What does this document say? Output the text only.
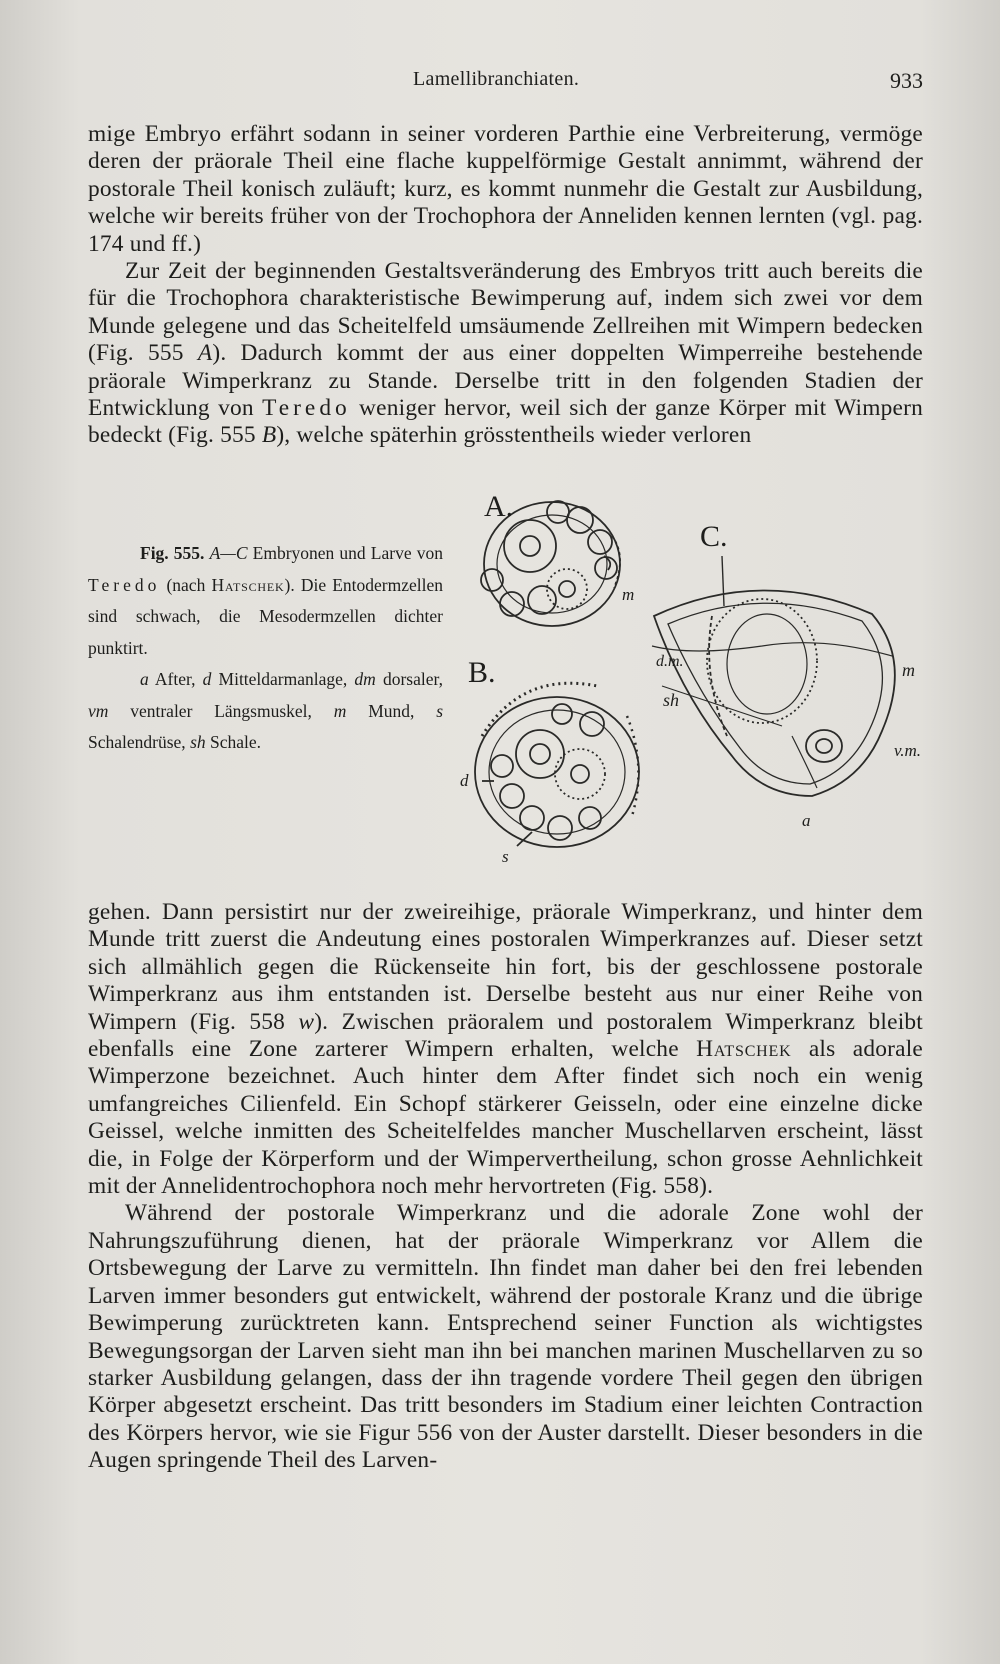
Lamellibranchiaten.	933

mige Embryo erfährt sodann in seiner vorderen Parthie eine Verbreiterung, vermöge deren der präorale Theil eine flache kuppelförmige Gestalt annimmt, während der postorale Theil konisch zuläuft; kurz, es kommt nunmehr die Gestalt zur Ausbildung, welche wir bereits früher von der Trochophora der Anneliden kennen lernten (vgl. pag. 174 und ff.)

Zur Zeit der beginnenden Gestaltsveränderung des Embryos tritt auch bereits die für die Trochophora charakteristische Bewimperung auf, indem sich zwei vor dem Munde gelegene und das Scheitelfeld umsäumende Zellreihen mit Wimpern bedecken (Fig. 555 A). Dadurch kommt der aus einer doppelten Wimperreihe bestehende präorale Wimperkranz zu Stande. Derselbe tritt in den folgenden Stadien der Entwicklung von Teredo weniger hervor, weil sich der ganze Körper mit Wimpern bedeckt (Fig. 555 B), welche späterhin grösstentheils wieder verloren

Fig. 555. A—C Embryonen und Larve von Teredo (nach Hatschek). Die Entodermzellen sind schwach, die Mesodermzellen dichter punktirt.

a After, d Mitteldarmanlage, dm dorsaler, vm ventraler Längsmuskel, m Mund, s Schalendrüse, sh Schale.

A.
m
B.
d
s
C.
d.m.
sh
m
v.m.
a

gehen. Dann persistirt nur der zweireihige, präorale Wimperkranz, und hinter dem Munde tritt zuerst die Andeutung eines postoralen Wimperkranzes auf. Dieser setzt sich allmählich gegen die Rückenseite hin fort, bis der geschlossene postorale Wimperkranz aus ihm entstanden ist. Derselbe besteht aus nur einer Reihe von Wimpern (Fig. 558 w). Zwischen präoralem und postoralem Wimperkranz bleibt ebenfalls eine Zone zarterer Wimpern erhalten, welche Hatschek als adorale Wimperzone bezeichnet. Auch hinter dem After findet sich noch ein wenig umfangreiches Cilienfeld. Ein Schopf stärkerer Geisseln, oder eine einzelne dicke Geissel, welche inmitten des Scheitelfeldes mancher Muschellarven erscheint, lässt die, in Folge der Körperform und der Wimpervertheilung, schon grosse Aehnlichkeit mit der Annelidentrochophora noch mehr hervortreten (Fig. 558).

Während der postorale Wimperkranz und die adorale Zone wohl der Nahrungszuführung dienen, hat der präorale Wimperkranz vor Allem die Ortsbewegung der Larve zu vermitteln. Ihn findet man daher bei den frei lebenden Larven immer besonders gut entwickelt, während der postorale Kranz und die übrige Bewimperung zurücktreten kann. Entsprechend seiner Function als wichtigstes Bewegungsorgan der Larven sieht man ihn bei manchen marinen Muschellarven zu so starker Ausbildung gelangen, dass der ihn tragende vordere Theil gegen den übrigen Körper abgesetzt erscheint. Das tritt besonders im Stadium einer leichten Contraction des Körpers hervor, wie sie Figur 556 von der Auster darstellt. Dieser besonders in die Augen springende Theil des Larven-
